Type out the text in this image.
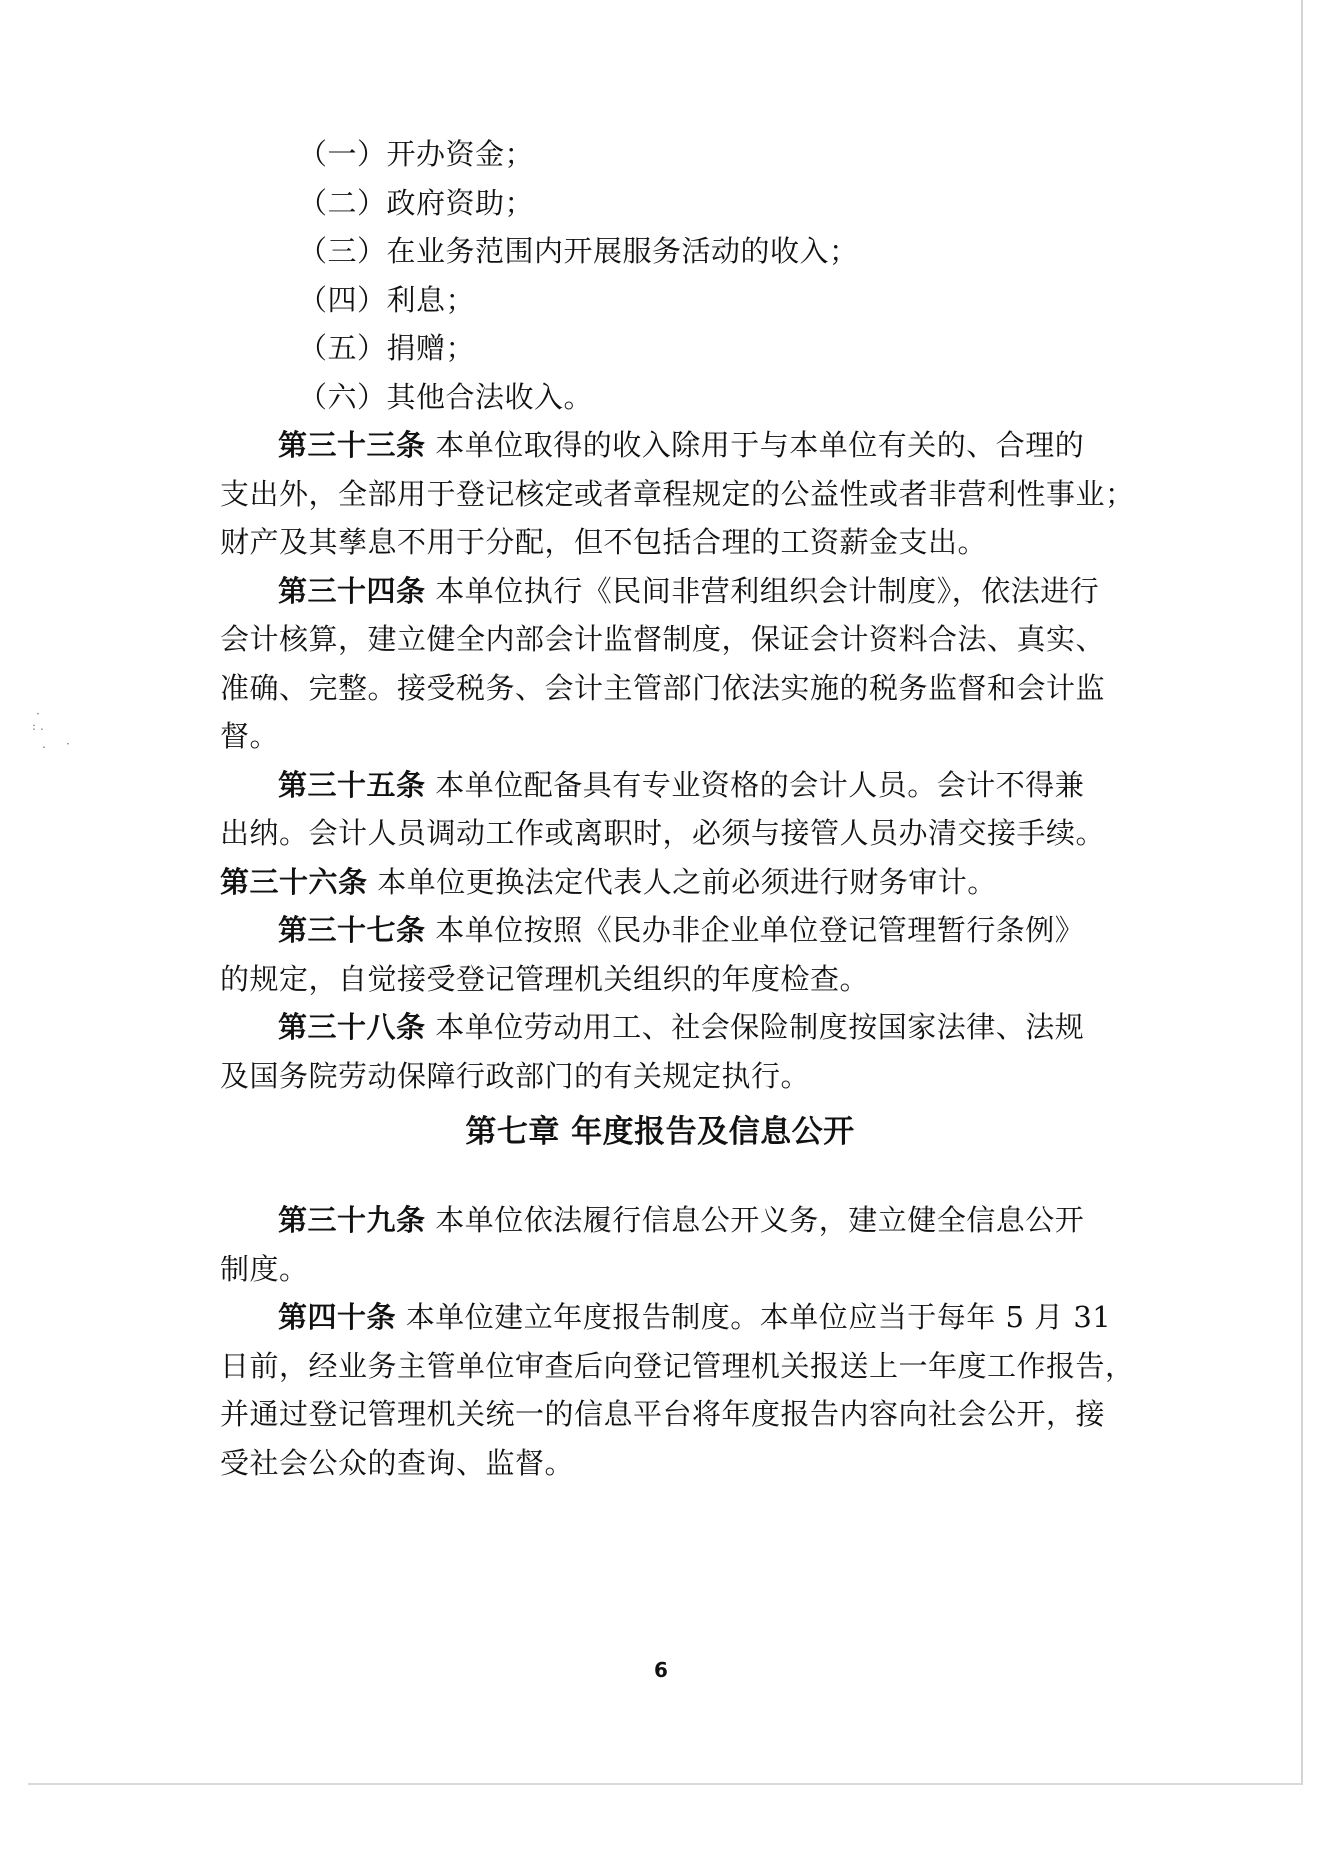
·
: .
. ·
（一）开办资金；
（二）政府资助；
（三）在业务范围内开展服务活动的收入；
（四）利息；
（五）捐赠；
（六）其他合法收入。
第三十三条 本单位取得的收入除用于与本单位有关的、合理的
支出外，全部用于登记核定或者章程规定的公益性或者非营利性事业；
财产及其孳息不用于分配，但不包括合理的工资薪金支出。
第三十四条 本单位执行《民间非营利组织会计制度》，依法进行
会计核算，建立健全内部会计监督制度，保证会计资料合法、真实、
准确、完整。接受税务、会计主管部门依法实施的税务监督和会计监
督。
第三十五条 本单位配备具有专业资格的会计人员。会计不得兼
出纳。会计人员调动工作或离职时，必须与接管人员办清交接手续。
第三十六条 本单位更换法定代表人之前必须进行财务审计。
第三十七条 本单位按照《民办非企业单位登记管理暂行条例》
的规定，自觉接受登记管理机关组织的年度检查。
第三十八条 本单位劳动用工、社会保险制度按国家法律、法规
及国务院劳动保障行政部门的有关规定执行。
第七章 年度报告及信息公开
第三十九条 本单位依法履行信息公开义务，建立健全信息公开
制度。
第四十条 本单位建立年度报告制度。本单位应当于每年 5 月 31
日前，经业务主管单位审查后向登记管理机关报送上一年度工作报告，
并通过登记管理机关统一的信息平台将年度报告内容向社会公开，接
受社会公众的查询、监督。
6
